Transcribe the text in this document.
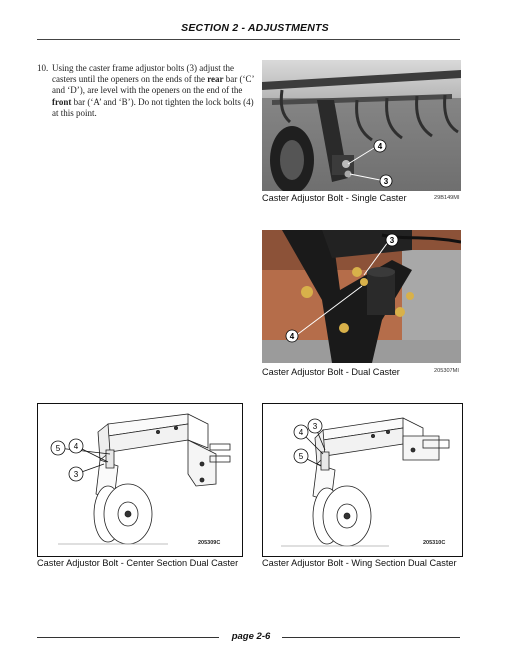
SECTION 2 - ADJUSTMENTS
10. Using the caster frame adjustor bolts (3) adjust the casters until the openers on the ends of the rear bar (‘C’ and ‘D’), are level with the openers on the end of the front bar (‘A’ and ‘B’). Do not tighten the lock bolts (4) at this point.
4
3
Caster Adjustor Bolt - Single Caster	29B149MI
3
4
Caster Adjustor Bolt - Dual Caster	205307MI
5 4
3
205309C
Caster Adjustor Bolt - Center Section Dual Caster
4
3
5
205310C
Caster Adjustor Bolt - Wing Section Dual Caster
page 2-6
